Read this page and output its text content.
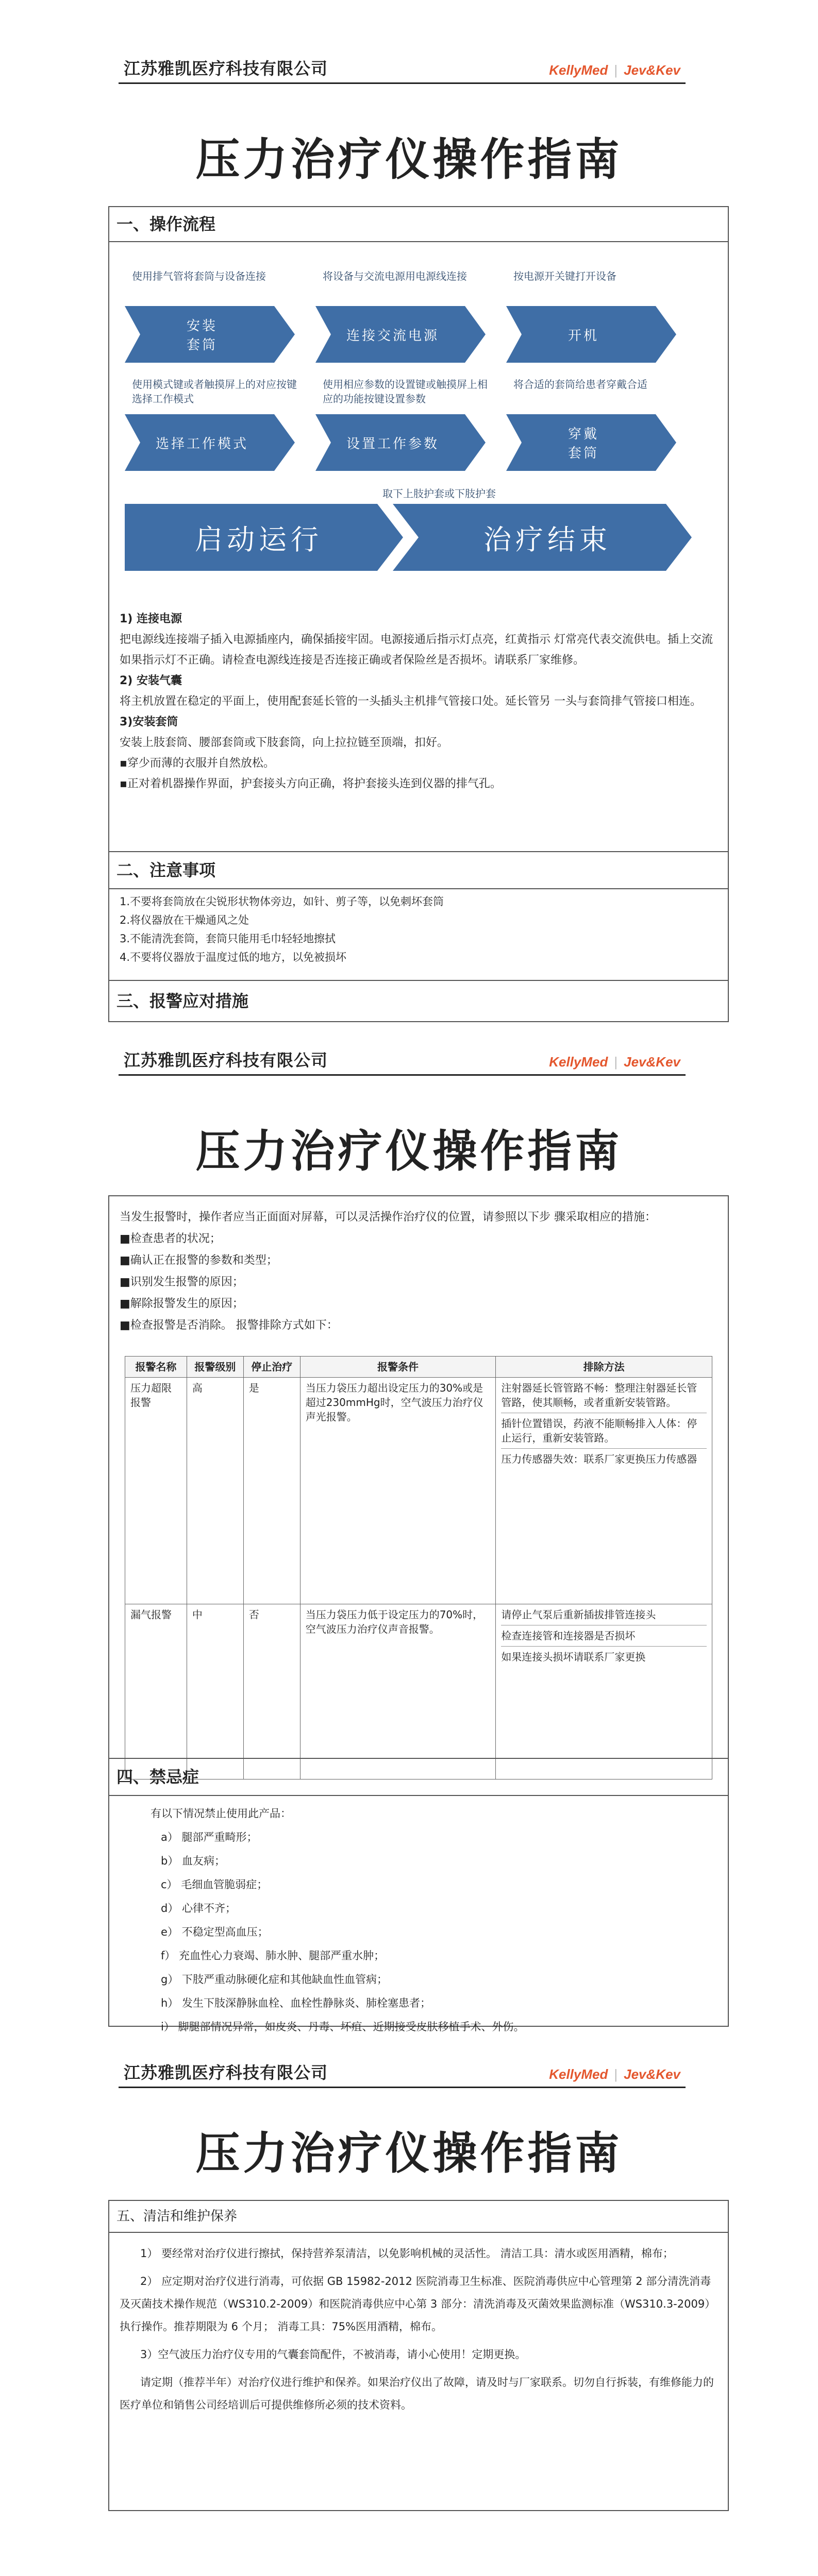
江苏雅凯医疗科技有限公司	KellyMed | Jev&Kev
压力治疗仪操作指南
一、操作流程
使用排气管将套筒与设备连接
安装
套筒
将设备与交流电源用电源线连接
连接交流电源
按电源开关键打开设备
开机
使用模式键或者触摸屏上的对应按键选择工作模式
选择工作模式
使用相应参数的设置键或触摸屏上相应的功能按键设置参数
设置工作参数
将合适的套筒给患者穿戴合适
穿戴
套筒
取下上肢护套或下肢护套
启动运行	治疗结束

1) 连接电源

把电源线连接端子插入电源插座内，确保插接牢固。电源接通后指示灯点亮，红黄指示 灯常亮代表交流供电。插上交流如果指示灯不正确。请检查电源线连接是否连接正确或者保险丝是否损坏。请联系厂家维修。

2) 安装气囊

将主机放置在稳定的平面上，使用配套延长管的一头插头主机排气管接口处。延长管另 一头与套筒排气管接口相连。

3)安装套筒

安装上肢套筒、腰部套筒或下肢套筒，向上拉拉链至顶端，扣好。

▪穿少而薄的衣服并自然放松。

▪正对着机器操作界面，护套接头方向正确，将护套接头连到仪器的排气孔。

二、注意事项

1.不要将套筒放在尖锐形状物体旁边，如针、剪子等，以免刺坏套筒

2.将仪器放在干燥通风之处

3.不能清洗套筒，套筒只能用毛巾轻轻地擦拭

4.不要将仪器放于温度过低的地方，以免被损坏

三、报警应对措施
江苏雅凯医疗科技有限公司	KellyMed | Jev&Kev
压力治疗仪操作指南

当发生报警时，操作者应当正面面对屏幕，可以灵活操作治疗仪的位置，请参照以下步 骤采取相应的措施：

■检查患者的状况；

■确认正在报警的参数和类型；

■识别发生报警的原因；

■解除报警发生的原因；

■检查报警是否消除。 报警排除方式如下：

报警名称	报警级别	停止治疗	报警条件	排除方法
压力超限报警	高	是	当压力袋压力超出设定压力的30%或是超过230mmHg时，空气波压力治疗仪声光报警。	注射器延长管管路不畅：整理注射器延长管管路，使其顺畅，或者重新安装管路。
插针位置错误，药液不能顺畅排入人体：停止运行，重新安装管路。
压力传感器失效：联系厂家更换压力传感器

漏气报警	中	否	当压力袋压力低于设定压力的70%时，空气波压力治疗仪声音报警。	请停止气泵后重新插拔排管连接头
检查连接管和连接器是否损坏
如果连接头损坏请联系厂家更换
四、禁忌症

有以下情况禁止使用此产品：

a） 腿部严重畸形；

b） 血友病；

c） 毛细血管脆弱症；

d） 心律不齐；

e） 不稳定型高血压；

f） 充血性心力衰竭、肺水肿、腿部严重水肿；

g） 下肢严重动脉硬化症和其他缺血性血管病；

h） 发生下肢深静脉血栓、血栓性静脉炎、肺栓塞患者；

i） 脚腿部情况异常，如皮炎、丹毒、坏疽、近期接受皮肤移植手术、外伤。

江苏雅凯医疗科技有限公司	KellyMed | Jev&Kev
压力治疗仪操作指南
五、清洁和维护保养

1） 要经常对治疗仪进行擦拭，保持营养泵清洁，以免影响机械的灵活性。 清洁工具：清水或医用酒精，棉布；

2） 应定期对治疗仪进行消毒，可依据 GB 15982-2012 医院消毒卫生标准、医院消毒供应中心管理第 2 部分清洗消毒及灭菌技术操作规范（WS310.2-2009）和医院消毒供应中心第 3 部分：清洗消毒及灭菌效果监测标准（WS310.3-2009）执行操作。推荐期限为 6 个月； 消毒工具：75%医用酒精，棉布。

3）空气波压力治疗仪专用的气囊套筒配件，不被消毒，请小心使用！定期更换。

请定期（推荐半年）对治疗仪进行维护和保养。如果治疗仪出了故障，请及时与厂家联系。切勿自行拆装，有维修能力的医疗单位和销售公司经培训后可提供维修所必须的技术资料。
